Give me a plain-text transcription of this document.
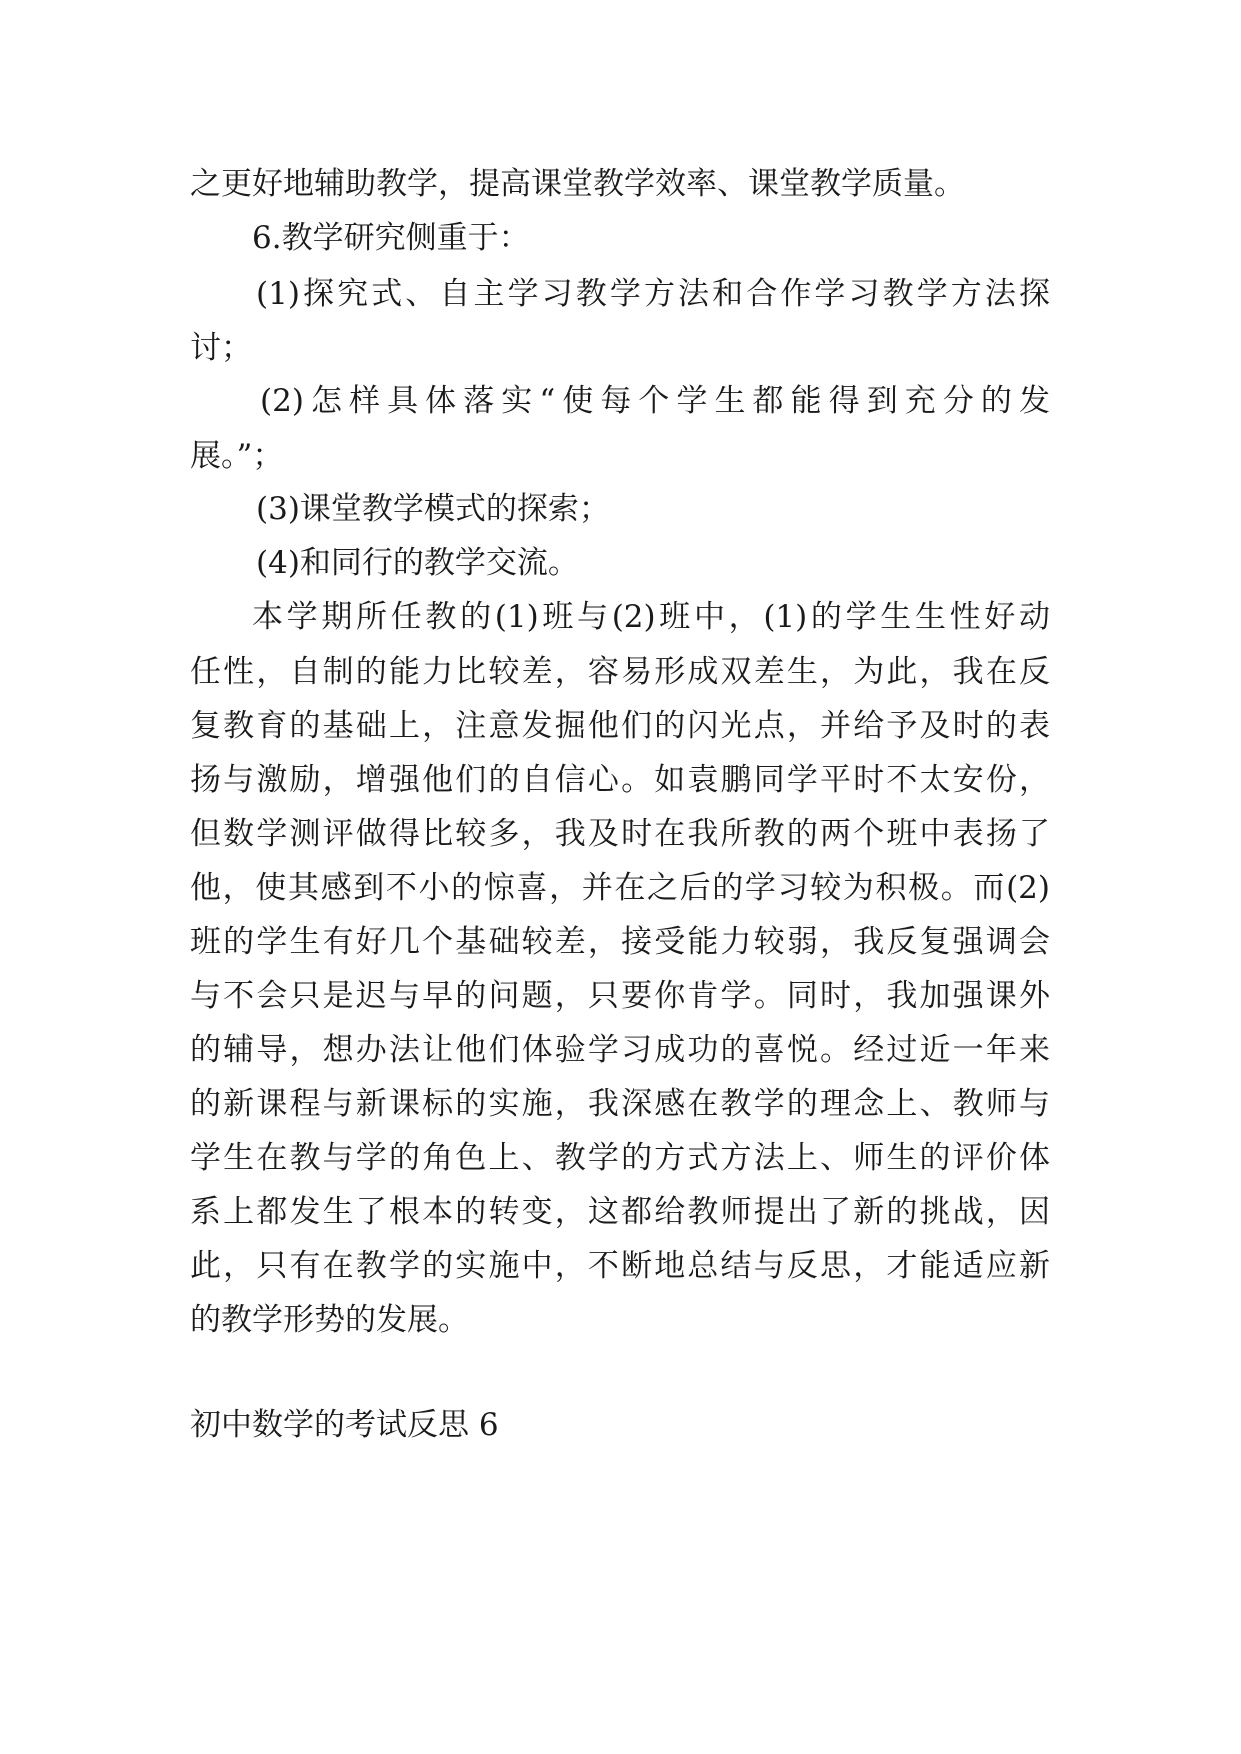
之更好地辅助教学，提高课堂教学效率、课堂教学质量。
6.教学研究侧重于：
(1)探究式、自主学习教学方法和合作学习教学方法探
讨；
(2)怎样具体落实“使每个学生都能得到充分的发
展。”；
(3)课堂教学模式的探索；
(4)和同行的教学交流。
本学期所任教的(1)班与(2)班中，(1)的学生生性好动
任性，自制的能力比较差，容易形成双差生，为此，我在反
复教育的基础上，注意发掘他们的闪光点，并给予及时的表
扬与激励，增强他们的自信心。如袁鹏同学平时不太安份，
但数学测评做得比较多，我及时在我所教的两个班中表扬了
他，使其感到不小的惊喜，并在之后的学习较为积极。而(2)
班的学生有好几个基础较差，接受能力较弱，我反复强调会
与不会只是迟与早的问题，只要你肯学。同时，我加强课外
的辅导，想办法让他们体验学习成功的喜悦。经过近一年来
的新课程与新课标的实施，我深感在教学的理念上、教师与
学生在教与学的角色上、教学的方式方法上、师生的评价体
系上都发生了根本的转变，这都给教师提出了新的挑战，因
此，只有在教学的实施中，不断地总结与反思，才能适应新
的教学形势的发展。
初中数学的考试反思 6
